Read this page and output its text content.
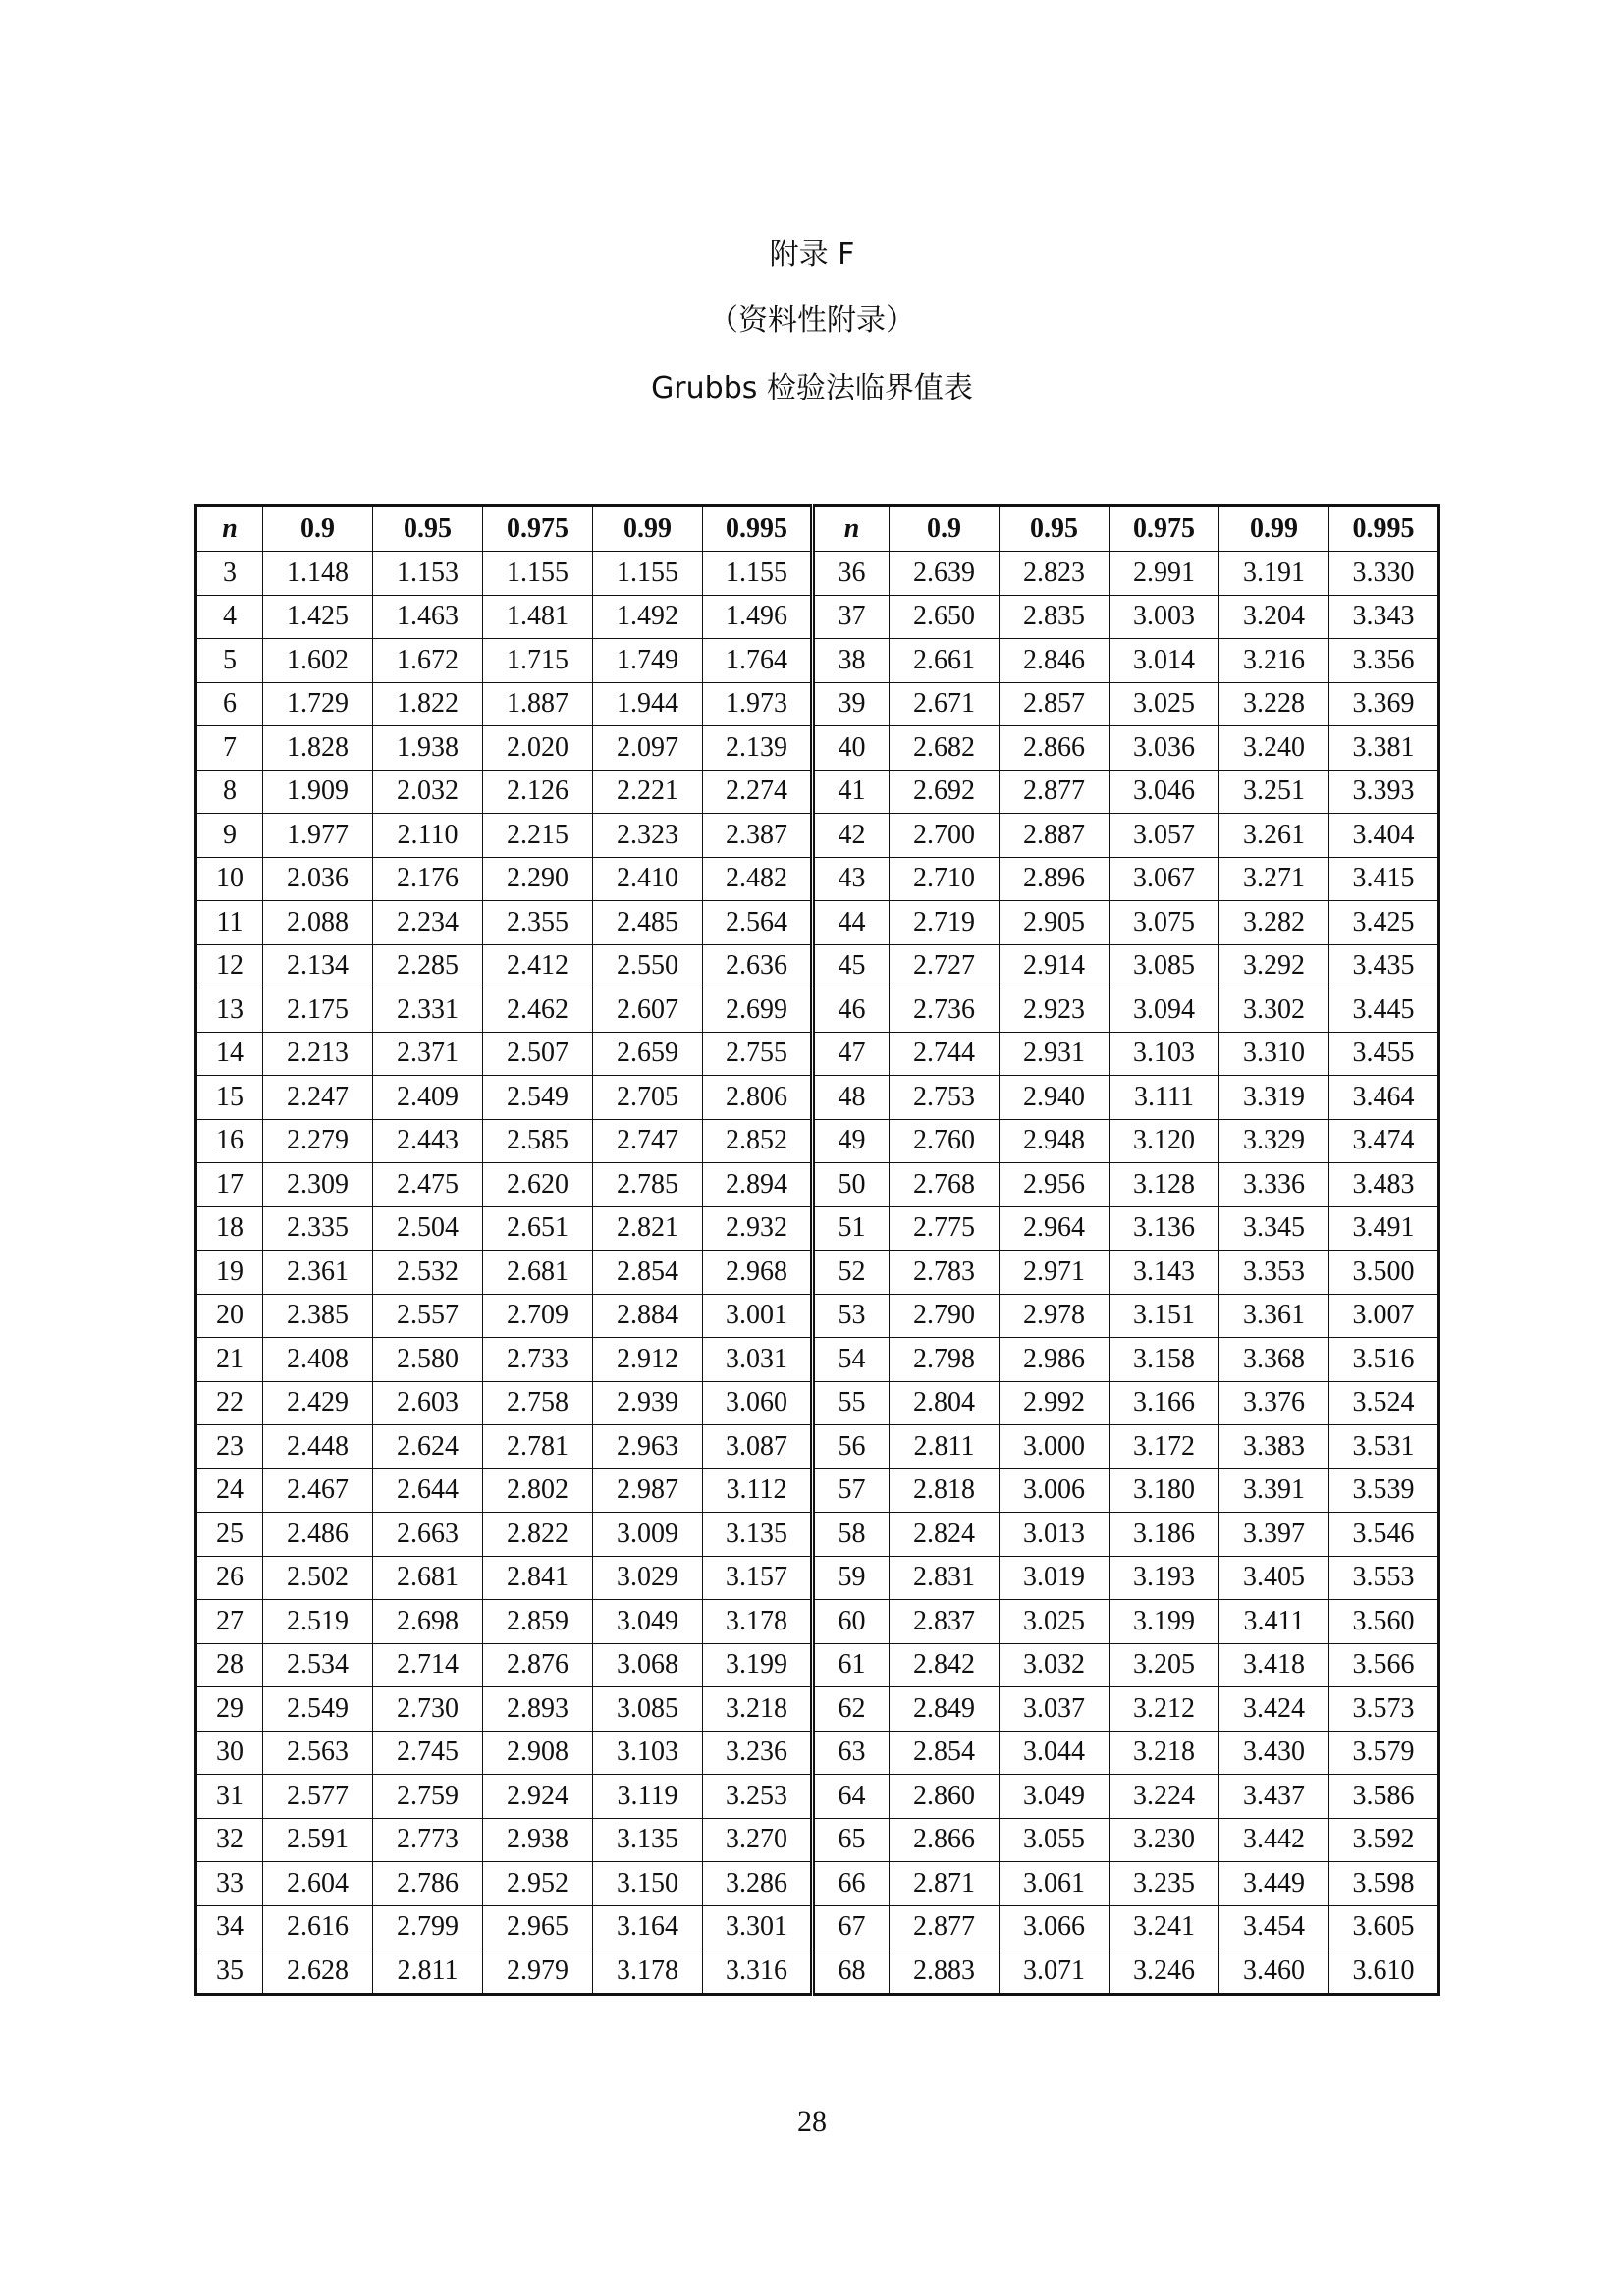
附录 F
（资料性附录）
Grubbs 检验法临界值表
n	0.9	0.95	0.975	0.99	0.995	n	0.9	0.95	0.975	0.99	0.995
3	1.148	1.153	1.155	1.155	1.155	36	2.639	2.823	2.991	3.191	3.330
4	1.425	1.463	1.481	1.492	1.496	37	2.650	2.835	3.003	3.204	3.343
5	1.602	1.672	1.715	1.749	1.764	38	2.661	2.846	3.014	3.216	3.356
6	1.729	1.822	1.887	1.944	1.973	39	2.671	2.857	3.025	3.228	3.369
7	1.828	1.938	2.020	2.097	2.139	40	2.682	2.866	3.036	3.240	3.381
8	1.909	2.032	2.126	2.221	2.274	41	2.692	2.877	3.046	3.251	3.393
9	1.977	2.110	2.215	2.323	2.387	42	2.700	2.887	3.057	3.261	3.404
10	2.036	2.176	2.290	2.410	2.482	43	2.710	2.896	3.067	3.271	3.415
11	2.088	2.234	2.355	2.485	2.564	44	2.719	2.905	3.075	3.282	3.425
12	2.134	2.285	2.412	2.550	2.636	45	2.727	2.914	3.085	3.292	3.435
13	2.175	2.331	2.462	2.607	2.699	46	2.736	2.923	3.094	3.302	3.445
14	2.213	2.371	2.507	2.659	2.755	47	2.744	2.931	3.103	3.310	3.455
15	2.247	2.409	2.549	2.705	2.806	48	2.753	2.940	3.111	3.319	3.464
16	2.279	2.443	2.585	2.747	2.852	49	2.760	2.948	3.120	3.329	3.474
17	2.309	2.475	2.620	2.785	2.894	50	2.768	2.956	3.128	3.336	3.483
18	2.335	2.504	2.651	2.821	2.932	51	2.775	2.964	3.136	3.345	3.491
19	2.361	2.532	2.681	2.854	2.968	52	2.783	2.971	3.143	3.353	3.500
20	2.385	2.557	2.709	2.884	3.001	53	2.790	2.978	3.151	3.361	3.007
21	2.408	2.580	2.733	2.912	3.031	54	2.798	2.986	3.158	3.368	3.516
22	2.429	2.603	2.758	2.939	3.060	55	2.804	2.992	3.166	3.376	3.524
23	2.448	2.624	2.781	2.963	3.087	56	2.811	3.000	3.172	3.383	3.531
24	2.467	2.644	2.802	2.987	3.112	57	2.818	3.006	3.180	3.391	3.539
25	2.486	2.663	2.822	3.009	3.135	58	2.824	3.013	3.186	3.397	3.546
26	2.502	2.681	2.841	3.029	3.157	59	2.831	3.019	3.193	3.405	3.553
27	2.519	2.698	2.859	3.049	3.178	60	2.837	3.025	3.199	3.411	3.560
28	2.534	2.714	2.876	3.068	3.199	61	2.842	3.032	3.205	3.418	3.566
29	2.549	2.730	2.893	3.085	3.218	62	2.849	3.037	3.212	3.424	3.573
30	2.563	2.745	2.908	3.103	3.236	63	2.854	3.044	3.218	3.430	3.579
31	2.577	2.759	2.924	3.119	3.253	64	2.860	3.049	3.224	3.437	3.586
32	2.591	2.773	2.938	3.135	3.270	65	2.866	3.055	3.230	3.442	3.592
33	2.604	2.786	2.952	3.150	3.286	66	2.871	3.061	3.235	3.449	3.598
34	2.616	2.799	2.965	3.164	3.301	67	2.877	3.066	3.241	3.454	3.605
35	2.628	2.811	2.979	3.178	3.316	68	2.883	3.071	3.246	3.460	3.610
28
